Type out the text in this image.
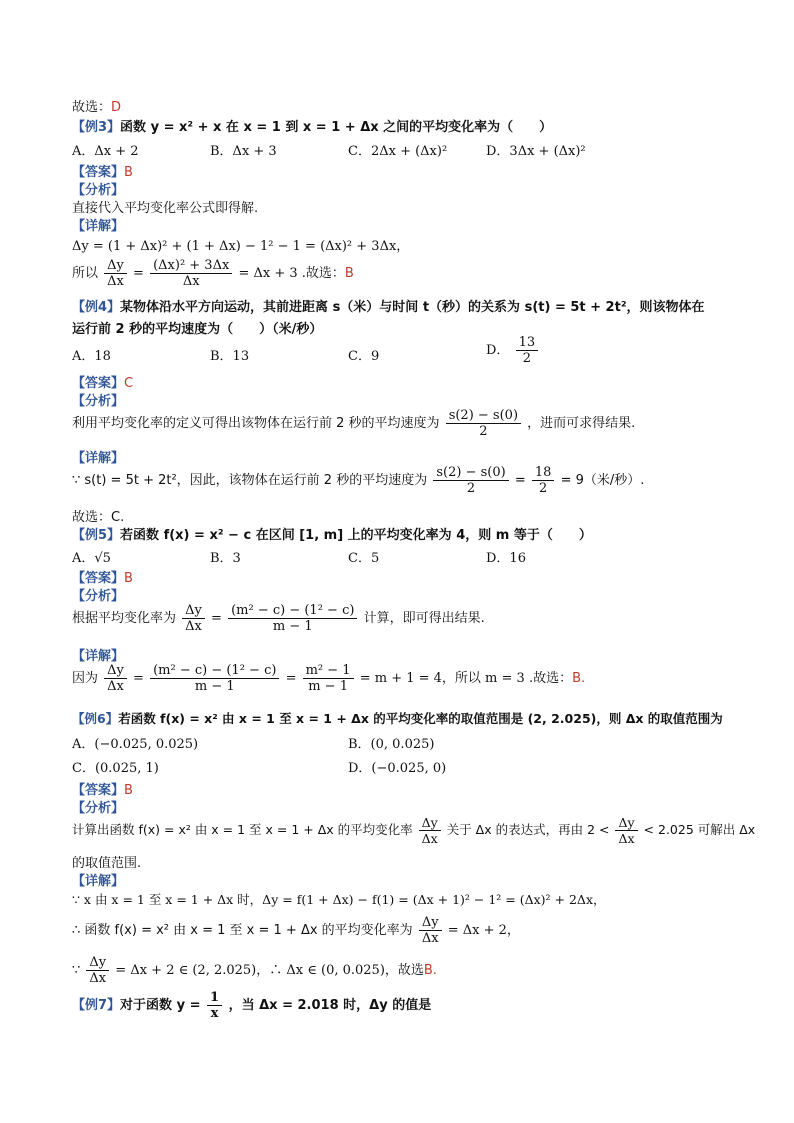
故选：D
【例3】函数 y = x² + x 在 x = 1 到 x = 1 + Δx 之间的平均变化率为（　　）
A．Δx + 2	B．Δx + 3	C．2Δx + (Δx)²	D．3Δx + (Δx)²
【答案】B
【分析】
直接代入平均变化率公式即得解.
【详解】
Δy = (1 + Δx)² + (1 + Δx) − 1² − 1 = (Δx)² + 3Δx，
所以 $\frac{\Delta y}{\Delta x} = \frac{\text{(Δx)² + 3Δx}}{\Delta x} = \Delta x + 3$ .故选：B
【例4】某物体沿水平方向运动，其前进距离 s（米）与时间 t（秒）的关系为 s(t) = 5t + 2t²，则该物体在
运行前 2 秒的平均速度为（　　）（米/秒）
A．18	B．13	C．9	D． $\frac{13}{2}$
【答案】C
【分析】
利用平均变化率的定义可得出该物体在运行前 2 秒的平均速度为 $\frac{s(2) - s(0)}{2}$ ，进而可求得结果.
【详解】
∵ s(t) = 5t + 2t²，因此，该物体在运行前 2 秒的平均速度为 $\frac{s(2) - s(0)}{2} = \frac{18}{2} = 9$（米/秒）.
故选：C.
【例5】若函数 f(x) = x² − c 在区间 [1, m] 上的平均变化率为 4，则 m 等于（　　）
A．√5	B．3	C．5	D．16
【答案】B
【分析】
根据平均变化率为 $\frac{\Delta y}{\Delta x} = \frac{\text{(m² − c) − (1² − c)}}{m - 1}$ 计算，即可得出结果.
【详解】
因为 $\frac{\Delta y}{\Delta x} = \frac{\text{(m² − c) − (1² − c)}}{m - 1} = \frac{\text{m² − 1}}{m - 1} = m + 1 = 4$，所以 m = 3 .故选：B.
【例6】若函数 f(x) = x² 由 x = 1 至 x = 1 + Δx 的平均变化率的取值范围是 (2, 2.025)，则 Δx 的取值范围为
A．(−0.025, 0.025)	B．(0, 0.025)
C．(0.025, 1)	D．(−0.025, 0)
【答案】B
【分析】
计算出函数 f(x) = x² 由 x = 1 至 x = 1 + Δx 的平均变化率 $\frac{\Delta y}{\Delta x}$ 关于 Δx 的表达式，再由 $2 < \frac{\Delta y}{\Delta x} < 2.025$ 可解出 Δx
的取值范围.
【详解】
∵ x 由 x = 1 至 x = 1 + Δx 时，Δy = f(1 + Δx) − f(1) = (Δx + 1)² − 1² = (Δx)² + 2Δx，
∴ 函数 f(x) = x² 由 x = 1 至 x = 1 + Δx 的平均变化率为 $\frac{\Delta y}{\Delta x} = \Delta x + 2$，
∵ $\frac{\Delta y}{\Delta x} = \Delta x + 2$ ∈ (2, 2.025)，∴ Δx ∈ (0, 0.025)，故选B.
【例7】对于函数 $y = \frac{1}{x}$ ，当 Δx = 2.018 时，Δy 的值是
